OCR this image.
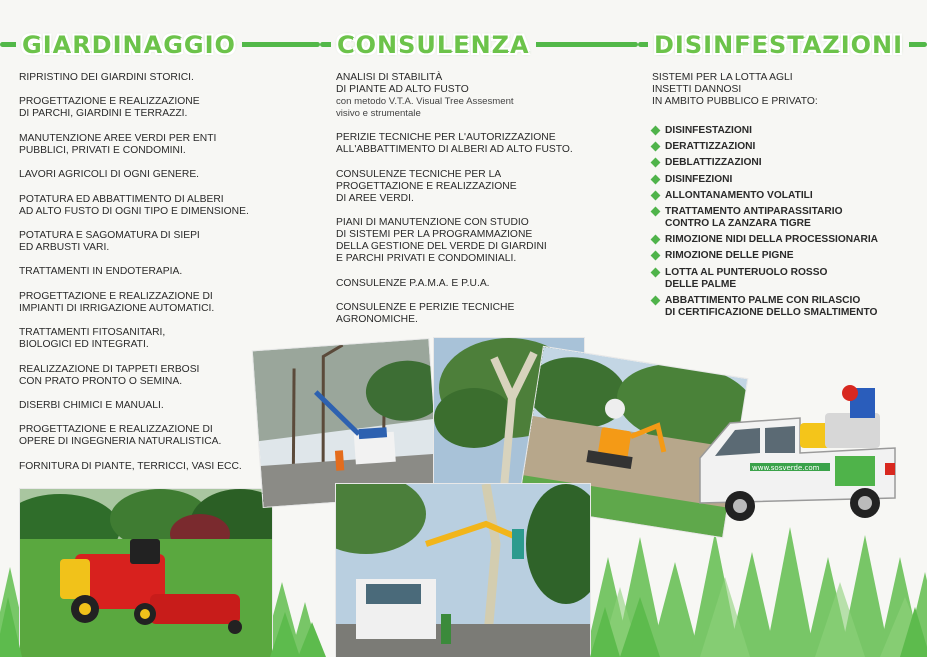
GIARDINAGGIO	CONSULENZA	DISINFESTAZIONI

RIPRISTINO DEI GIARDINI STORICI.

PROGETTAZIONE E REALIZZAZIONE
DI PARCHI, GIARDINI E TERRAZZI.

MANUTENZIONE AREE VERDI PER ENTI
PUBBLICI, PRIVATI E CONDOMINI.

LAVORI AGRICOLI DI OGNI GENERE.

POTATURA ED ABBATTIMENTO DI ALBERI
AD ALTO FUSTO DI OGNI TIPO E DIMENSIONE.

POTATURA E SAGOMATURA DI SIEPI
ED ARBUSTI VARI.

TRATTAMENTI IN ENDOTERAPIA.

PROGETTAZIONE E REALIZZAZIONE DI
IMPIANTI DI IRRIGAZIONE AUTOMATICI.

TRATTAMENTI FITOSANITARI,
BIOLOGICI ED INTEGRATI.

REALIZZAZIONE DI TAPPETI ERBOSI
CON PRATO PRONTO O SEMINA.

DISERBI CHIMICI E MANUALI.

PROGETTAZIONE E REALIZZAZIONE DI
OPERE DI INGEGNERIA NATURALISTICA.

FORNITURA DI PIANTE, TERRICCI, VASI ECC.

ANALISI DI STABILITÀ
DI PIANTE AD ALTO FUSTO
con metodo V.T.A. Visual Tree Assesment
visivo e strumentale

PERIZIE TECNICHE PER L'AUTORIZZAZIONE
ALL'ABBATTIMENTO DI ALBERI AD ALTO FUSTO.

CONSULENZE TECNICHE PER LA
PROGETTAZIONE E REALIZZAZIONE
DI AREE VERDI.

PIANI DI MANUTENZIONE CON STUDIO
DI SISTEMI PER LA PROGRAMMAZIONE
DELLA GESTIONE DEL VERDE DI GIARDINI
E PARCHI PRIVATI E CONDOMINIALI.

CONSULENZE P.A.M.A. E P.U.A.

CONSULENZE E PERIZIE TECNICHE
AGRONOMICHE.

SISTEMI PER LA LOTTA AGLI
INSETTI DANNOSI
IN AMBITO PUBBLICO E PRIVATO:

DISINFESTAZIONI
DERATTIZZAZIONI
DEBLATTIZZAZIONI
DISINFEZIONI
ALLONTANAMENTO VOLATILI
TRATTAMENTO ANTIPARASSITARIO
CONTRO LA ZANZARA TIGRE
RIMOZIONE NIDI DELLA PROCESSIONARIA
RIMOZIONE DELLE PIGNE
LOTTA AL PUNTERUOLO ROSSO
DELLE PALME
ABBATTIMENTO PALME CON RILASCIO
DI CERTIFICAZIONE DELLO SMALTIMENTO
www.sosverde.com
